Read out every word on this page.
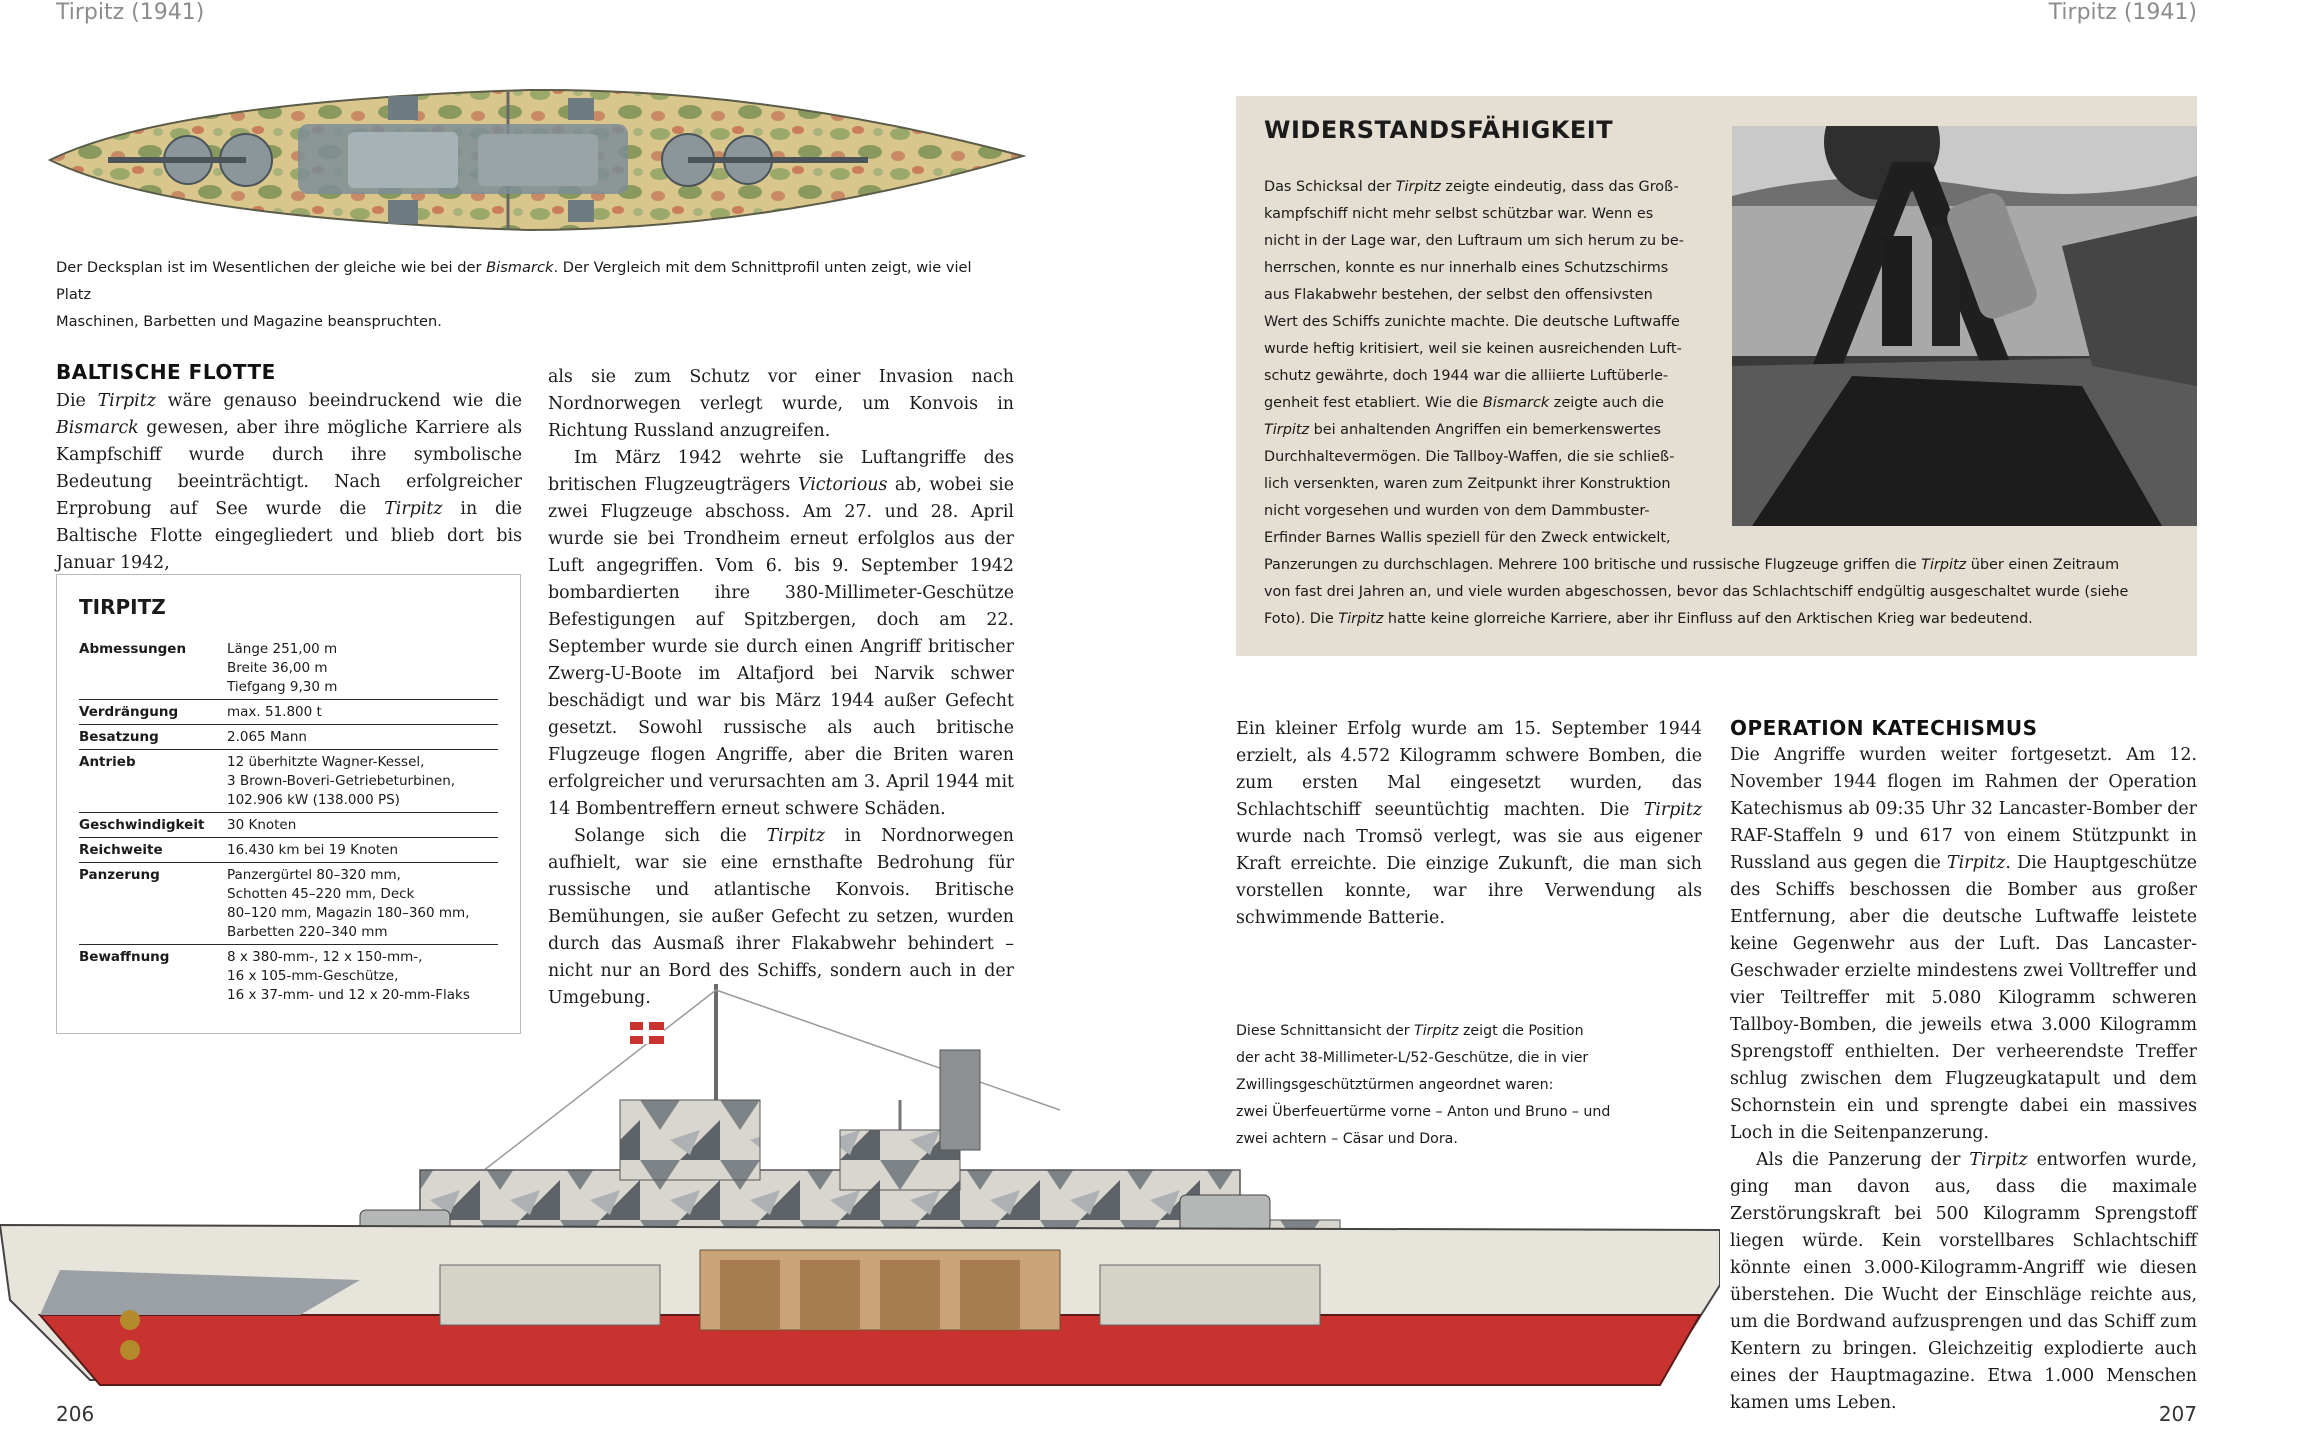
Tirpitz (1941)	Tirpitz (1941)
Der Decksplan ist im Wesentlichen der gleiche wie bei der Bismarck. Der Vergleich mit dem Schnittprofil unten zeigt, wie viel Platz
Maschinen, Barbetten und Magazine beanspruchten.
BALTISCHE FLOTTE

Die Tirpitz wäre genauso beeindruckend wie die Bismarck gewesen, aber ihre mögliche Karriere als Kampfschiff wurde durch ihre symbolische Bedeutung beeinträchtigt. Nach erfolgreicher Erprobung auf See wurde die Tirpitz in die Baltische Flotte eingegliedert und blieb dort bis Januar 1942,

TIRPITZ
Abmessungen	Länge 251,00 m
Breite 36,00 m
Tiefgang 9,30 m
Verdrängung	max. 51.800 t
Besatzung	2.065 Mann
Antrieb	12 überhitzte Wagner-Kessel,
3 Brown-Boveri-Getriebeturbinen,
102.906 kW (138.000 PS)
Geschwindigkeit	30 Knoten
Reichweite	16.430 km bei 19 Knoten
Panzerung	Panzergürtel 80–320 mm,
Schotten 45–220 mm, Deck
80–120 mm, Magazin 180–360 mm,
Barbetten 220–340 mm
Bewaffnung	8 x 380-mm-, 12 x 150-mm-,
16 x 105-mm-Geschütze,
16 x 37-mm- und 12 x 20-mm-Flaks

als sie zum Schutz vor einer Invasion nach Nordnorwegen verlegt wurde, um Konvois in Richtung Russland anzugreifen.

Im März 1942 wehrte sie Luftangriffe des britischen Flugzeugträgers Victorious ab, wobei sie zwei Flugzeuge abschoss. Am 27. und 28. April wurde sie bei Trondheim erneut erfolglos aus der Luft angegriffen. Vom 6. bis 9. September 1942 bombardierten ihre 380-Millimeter-Geschütze Befestigungen auf Spitzbergen, doch am 22. September wurde sie durch einen Angriff britischer Zwerg-U-Boote im Altafjord bei Narvik schwer beschädigt und war bis März 1944 außer Gefecht gesetzt. Sowohl russische als auch britische Flugzeuge flogen Angriffe, aber die Briten waren erfolgreicher und verursachten am 3. April 1944 mit 14 Bombentreffern erneut schwere Schäden.

Solange sich die Tirpitz in Nordnorwegen aufhielt, war sie eine ernsthafte Bedrohung für russische und atlantische Konvois. Britische Bemühungen, sie außer Gefecht zu setzen, wurden durch das Ausmaß ihrer Flakabwehr behindert – nicht nur an Bord des Schiffs, sondern auch in der Umgebung.

WIDERSTANDSFÄHIGKEIT
Das Schicksal der Tirpitz zeigte eindeutig, dass das Groß-
kampfschiff nicht mehr selbst schützbar war. Wenn es
nicht in der Lage war, den Luftraum um sich herum zu be-
herrschen, konnte es nur innerhalb eines Schutzschirms
aus Flakabwehr bestehen, der selbst den offensivsten
Wert des Schiffs zunichte machte. Die deutsche Luftwaffe
wurde heftig kritisiert, weil sie keinen ausreichenden Luft-
schutz gewährte, doch 1944 war die alliierte Luftüberle-
genheit fest etabliert. Wie die Bismarck zeigte auch die
Tirpitz bei anhaltenden Angriffen ein bemerkenswertes
Durchhaltevermögen. Die Tallboy-Waffen, die sie schließ-
lich versenkten, waren zum Zeitpunkt ihrer Konstruktion
nicht vorgesehen und wurden von dem Dammbuster-
Erfinder Barnes Wallis speziell für den Zweck entwickelt,
Panzerungen zu durchschlagen. Mehrere 100 britische und russische Flugzeuge griffen die Tirpitz über einen Zeitraum
von fast drei Jahren an, und viele wurden abgeschossen, bevor das Schlachtschiff endgültig ausgeschaltet wurde (siehe
Foto). Die Tirpitz hatte keine glorreiche Karriere, aber ihr Einfluss auf den Arktischen Krieg war bedeutend.

Ein kleiner Erfolg wurde am 15. September 1944 erzielt, als 4.572 Kilogramm schwere Bomben, die zum ersten Mal eingesetzt wurden, das Schlachtschiff seeuntüchtig machten. Die Tirpitz wurde nach Tromsö verlegt, was sie aus eigener Kraft erreichte. Die einzige Zukunft, die man sich vorstellen konnte, war ihre Verwendung als schwimmende Batterie.

Diese Schnittansicht der Tirpitz zeigt die Position
der acht 38-Millimeter-L/52-Geschütze, die in vier
Zwillingsgeschütztürmen angeordnet waren:
zwei Überfeuertürme vorne – Anton und Bruno – und
zwei achtern – Cäsar und Dora.
OPERATION KATECHISMUS

Die Angriffe wurden weiter fortgesetzt. Am 12. November 1944 flogen im Rahmen der Operation Katechismus ab 09:35 Uhr 32 Lancaster-Bomber der RAF-Staffeln 9 und 617 von einem Stützpunkt in Russland aus gegen die Tirpitz. Die Hauptgeschütze des Schiffs beschossen die Bomber aus großer Entfernung, aber die deutsche Luftwaffe leistete keine Gegenwehr aus der Luft. Das Lancaster-Geschwader erzielte mindestens zwei Volltreffer und vier Teiltreffer mit 5.080 Kilogramm schweren Tallboy-Bomben, die jeweils etwa 3.000 Kilogramm Sprengstoff enthielten. Der verheerendste Treffer schlug zwischen dem Flugzeugkatapult und dem Schornstein ein und sprengte dabei ein massives Loch in die Seitenpanzerung.

Als die Panzerung der Tirpitz entworfen wurde, ging man davon aus, dass die maximale Zerstörungskraft bei 500 Kilogramm Sprengstoff liegen würde. Kein vorstellbares Schlachtschiff könnte einen 3.000-Kilogramm-Angriff wie diesen überstehen. Die Wucht der Einschläge reichte aus, um die Bordwand aufzusprengen und das Schiff zum Kentern zu bringen. Gleichzeitig explodierte auch eines der Hauptmagazine. Etwa 1.000 Menschen kamen ums Leben.

206	207
